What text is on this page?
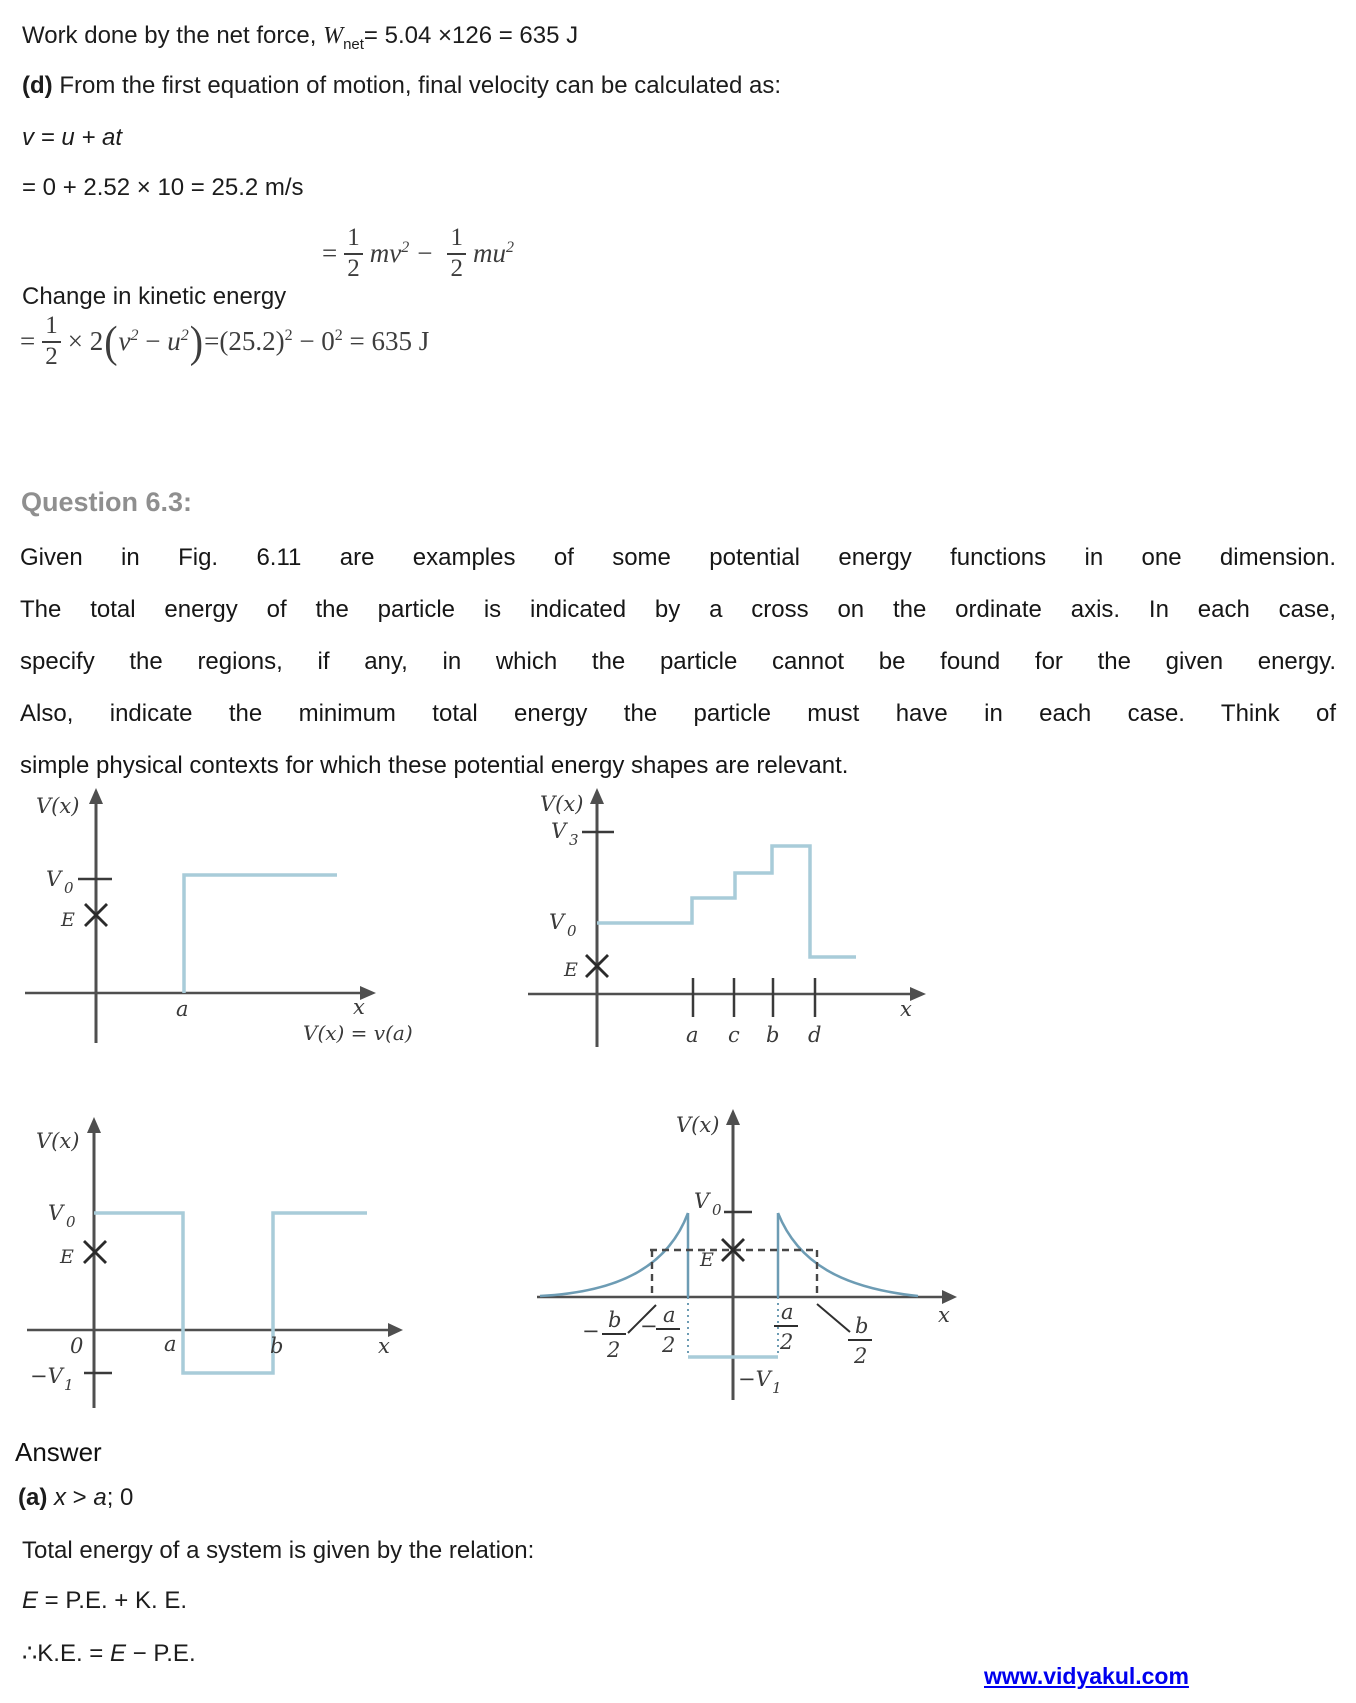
Work done by the net force, $W_{net}= 5.04 \times 126 = 635$ J
(d) From the first equation of motion, final velocity can be calculated as:
v = u + at
= 0 + 2.52 × 10 = 25.2 m/s
Change in kinetic energy
= $\frac{1}{2} mv^2 - \frac{1}{2} mu^2$
= $\frac{1}{2} \times 2$ ( $v^2 - u^2$ ) = $(25.2)^2 - 0^2 = 635$ J
Question 6.3:
Given in Fig. 6.11 are examples of some potential energy functions in one dimension.
The total energy of the particle is indicated by a cross on the ordinate axis. In each case,
specify the regions, if any, in which the particle cannot be found for the given energy.
Also, indicate the minimum total energy the particle must have in each case. Think of
simple physical contexts for which these potential energy shapes are relevant.
V(x)
V 0
E
a	x
V(x) = v(a)
V(x)
V 3
V 0
E
a c b d
x
V(x)
V 0
E
0	a	b	x
−V 1
V(x)
V 0
E
− b
2
− a
2
a
2
b
2
x
−V 1
Answer
(a) x > a; 0
Total energy of a system is given by the relation:
E = P.E. + K. E.
∴K.E. = E − P.E.
www.vidyakul.com
